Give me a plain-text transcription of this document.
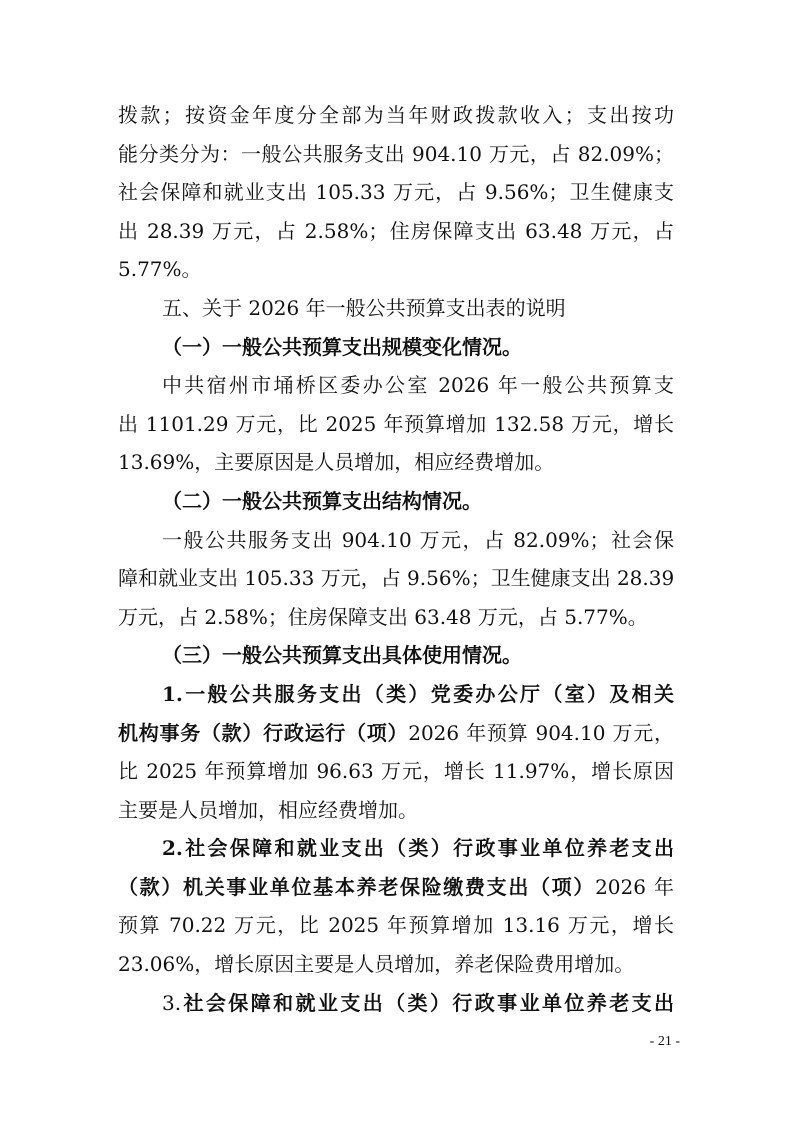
拨款；按资金年度分全部为当年财政拨款收入；支出按功
能分类分为：一般公共服务支出 904.10 万元，占 82.09%；
社会保障和就业支出 105.33 万元，占 9.56%；卫生健康支
出 28.39 万元，占 2.58%；住房保障支出 63.48 万元，占
5.77%。
五、关于 2026 年一般公共预算支出表的说明
（一）一般公共预算支出规模变化情况。
中共宿州市埇桥区委办公室 2026 年一般公共预算支
出 1101.29 万元，比 2025 年预算增加 132.58 万元，增长
13.69%，主要原因是人员增加，相应经费增加。
（二）一般公共预算支出结构情况。
一般公共服务支出 904.10 万元，占 82.09%；社会保
障和就业支出 105.33 万元，占 9.56%；卫生健康支出 28.39
万元，占 2.58%；住房保障支出 63.48 万元，占 5.77%。
（三）一般公共预算支出具体使用情况。
1.一般公共服务支出（类）党委办公厅（室）及相关
机构事务（款）行政运行（项）2026 年预算 904.10 万元，
比 2025 年预算增加 96.63 万元，增长 11.97%，增长原因
主要是人员增加，相应经费增加。
2.社会保障和就业支出（类）行政事业单位养老支出
（款）机关事业单位基本养老保险缴费支出（项）2026 年
预算 70.22 万元，比 2025 年预算增加 13.16 万元，增长
23.06%，增长原因主要是人员增加，养老保险费用增加。
3.社会保障和就业支出（类）行政事业单位养老支出
- 21 -
